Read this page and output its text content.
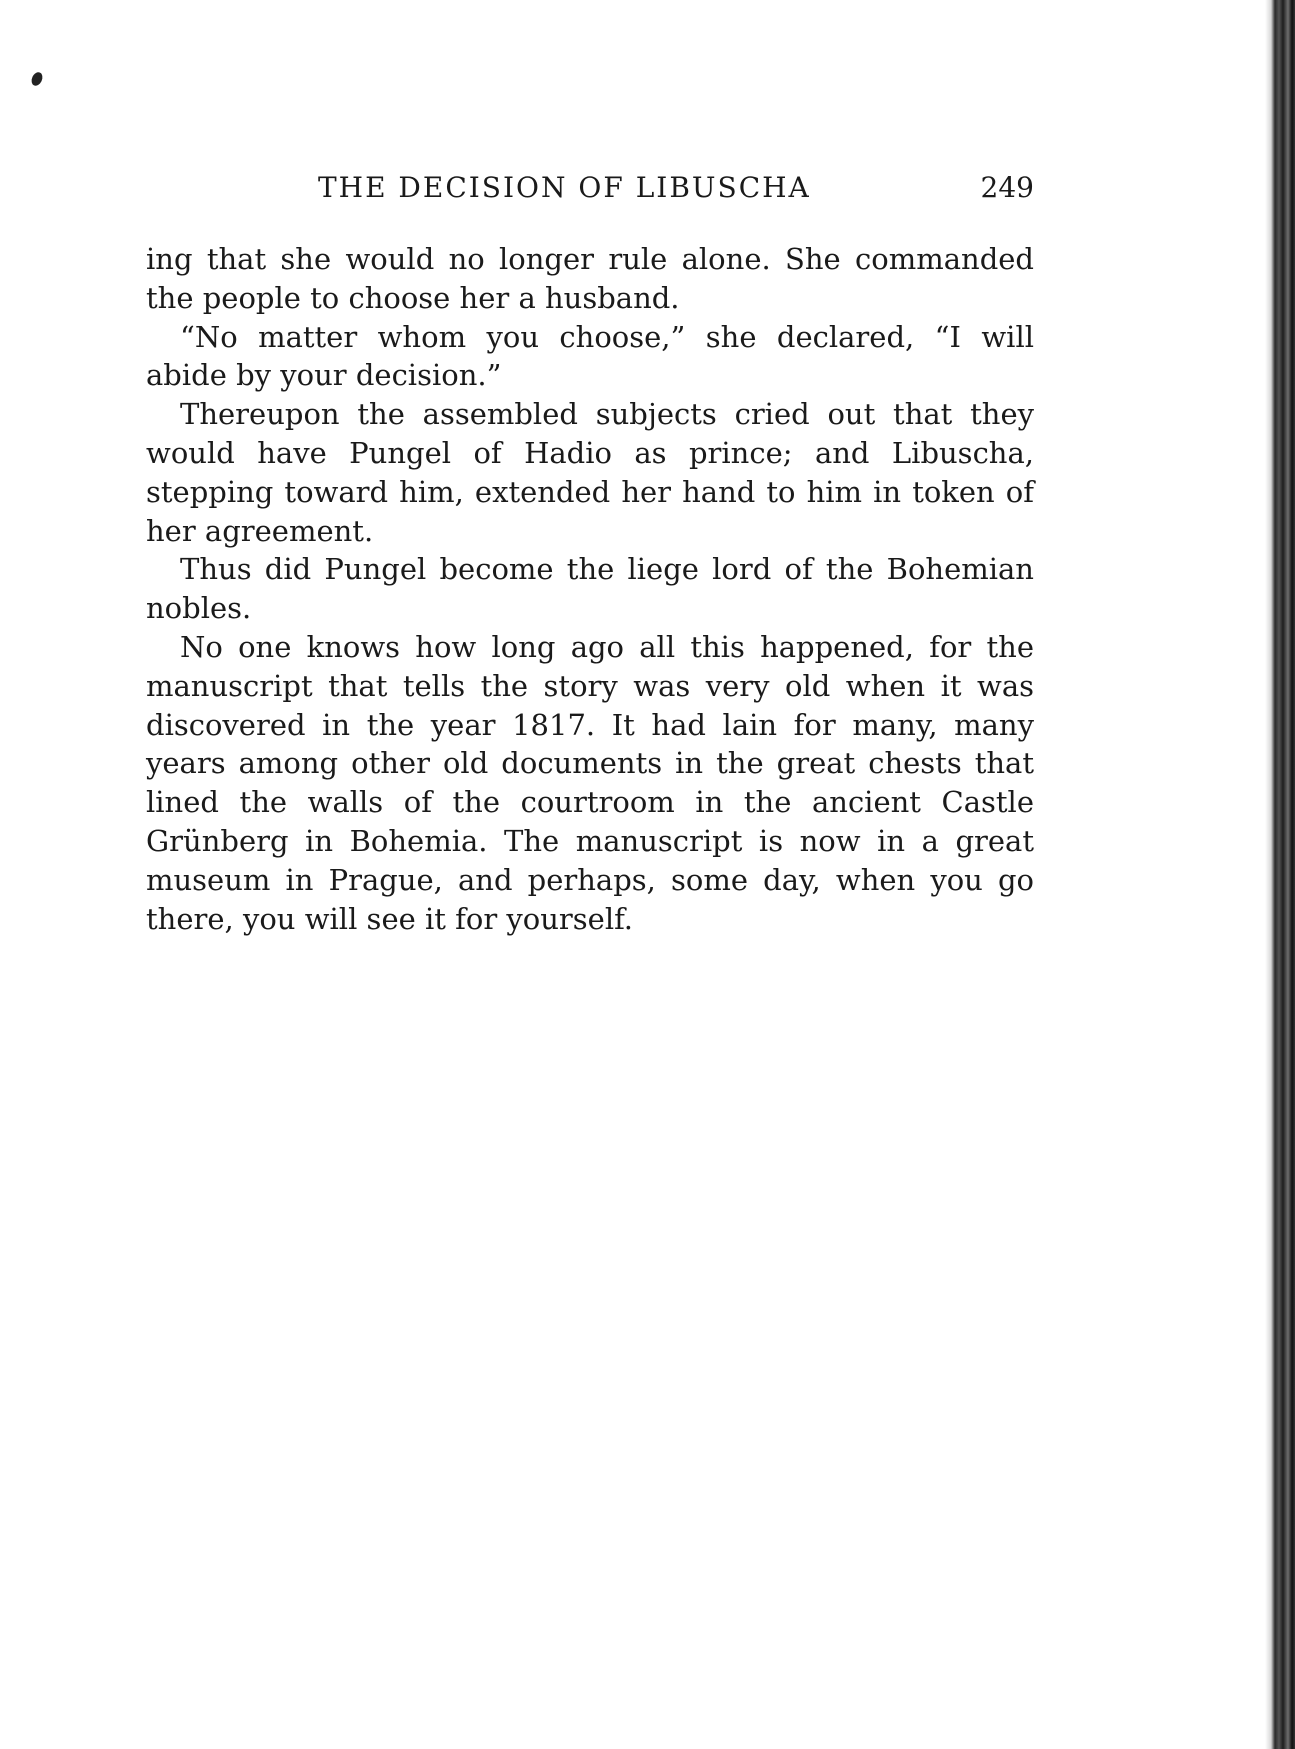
THE DECISION OF LIBUSCHA	249

ing that she would no longer rule alone. She commanded the people to choose her a husband.

“No matter whom you choose,” she declared, “I will abide by your decision.”

Thereupon the assembled subjects cried out that they would have Pungel of Hadio as prince; and Libuscha, stepping toward him, extended her hand to him in token of her agreement.

Thus did Pungel become the liege lord of the Bohemian nobles.

No one knows how long ago all this happened, for the manuscript that tells the story was very old when it was discovered in the year 1817. It had lain for many, many years among other old documents in the great chests that lined the walls of the courtroom in the ancient Castle Grünberg in Bohemia. The manuscript is now in a great museum in Prague, and perhaps, some day, when you go there, you will see it for yourself.
